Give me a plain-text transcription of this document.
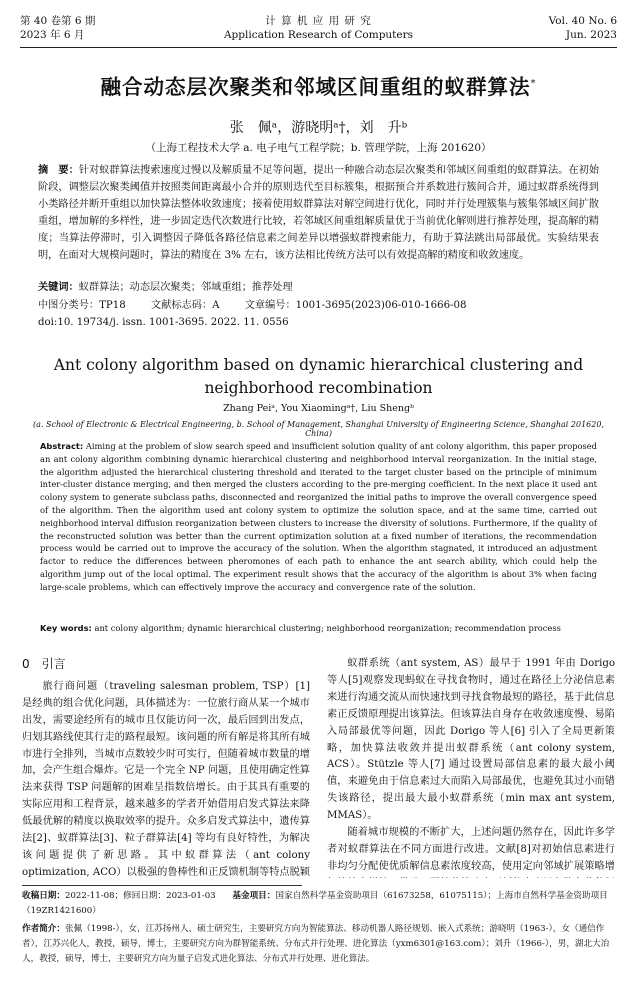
第 40 卷第 6 期
2023 年 6 月
计 算 机 应 用 研 究
Application Research of Computers
Vol. 40 No. 6
Jun. 2023
融合动态层次聚类和邻域区间重组的蚁群算法*
张　佩ᵃ，游晓明ᵃ†，刘　升ᵇ
（上海工程技术大学 a. 电子电气工程学院；b. 管理学院，上海 201620）
摘　要：针对蚁群算法搜索速度过慢以及解质量不足等问题，提出一种融合动态层次聚类和邻域区间重组的蚁群算法。在初始阶段，调整层次聚类阈值并按照类间距离最小合并的原则迭代至目标簇集，根据预合并系数进行簇间合并，通过蚁群系统得到小类路径并断开重组以加快算法整体收敛速度；接着使用蚁群算法对解空间进行优化，同时并行处理簇集与簇集邻域区间扩散重组，增加解的多样性，进一步固定迭代次数进行比较，若邻域区间重组解质量优于当前优化解则进行推荐处理，提高解的精度；当算法停滞时，引入调整因子降低各路径信息素之间差异以增强蚁群搜索能力，有助于算法跳出局部最优。实验结果表明，在面对大规模问题时，算法的精度在 3% 左右，该方法相比传统方法可以有效提高解的精度和收敛速度。
关键词：蚁群算法；动态层次聚类；邻域重组；推荐处理
中图分类号：TP18 文献标志码：A 文章编号：1001-3695(2023)06-010-1666-08
doi:10. 19734/j. issn. 1001-3695. 2022. 11. 0556
Ant colony algorithm based on dynamic hierarchical clustering and neighborhood recombination
Zhang Peiᵃ, You Xiaomingᵃ†, Liu Shengᵇ
(a. School of Electronic & Electrical Engineering, b. School of Management, Shanghai University of Engineering Science, Shanghai 201620, China)
Abstract: Aiming at the problem of slow search speed and insufficient solution quality of ant colony algorithm, this paper proposed an ant colony algorithm combining dynamic hierarchical clustering and neighborhood interval reorganization. In the initial stage, the algorithm adjusted the hierarchical clustering threshold and iterated to the target cluster based on the principle of minimum inter-cluster distance merging, and then merged the clusters according to the pre-merging coefficient. In the next place it used ant colony system to generate subclass paths, disconnected and reorganized the initial paths to improve the overall convergence speed of the algorithm. Then the algorithm used ant colony system to optimize the solution space, and at the same time, carried out neighborhood interval diffusion reorganization between clusters to increase the diversity of solutions. Furthermore, if the quality of the reconstructed solution was better than the current optimization solution at a fixed number of iterations, the recommendation process would be carried out to improve the accuracy of the solution. When the algorithm stagnated, it introduced an adjustment factor to reduce the differences between pheromones of each path to enhance the ant search ability, which could help the algorithm jump out of the local optimal. The experiment result shows that the accuracy of the algorithm is about 3% when facing large-scale problems, which can effectively improve the accuracy and convergence rate of the solution.
Key words: ant colony algorithm; dynamic hierarchical clustering; neighborhood reorganization; recommendation process
0　引言

旅行商问题（traveling salesman problem, TSP）[1] 是经典的组合优化问题，具体描述为：一位旅行商从某一个城市出发，需要途经所有的城市且仅能访问一次，最后回到出发点，归划其路线使其行走的路程最短。该问题的所有解是将其所有城市进行全排列，当城市点数较少时可实行，但随着城市数量的增加，会产生组合爆炸。它是一个完全 NP 问题，且使用确定性算法来获得 TSP 问题解的困难呈指数倍增长。由于其具有重要的实际应用和工程背景，越来越多的学者开始借用启发式算法来降低最优解的精度以换取效率的提升。众多启发式算法中，遗传算法[2]、蚁群算法[3]、粒子群算法[4] 等均有良好特性，为解决该问题提供了新思路。其中蚁群算法（ant colony optimization, ACO）以极强的鲁棒性和正反馈机制等特点脱颖

蚁群系统（ant system, AS）最早于 1991 年由 Dorigo 等人[5]观察发现蚂蚁在寻找食物时，通过在路径上分泌信息素来进行沟通交流从而快速找到寻找食物最短的路径，基于此信息素正反馈原理提出该算法。但该算法自身存在收敛速度慢、易陷入局部最优等问题，因此 Dorigo 等人[6] 引入了全局更新策略，加快算法收敛并提出蚁群系统（ant colony system, ACS）。Stützle 等人[7] 通过设置局部信息素的最大最小阈值，来避免由于信息素过大而陷入局部最优，也避免其过小而错失该路径，提出最大最小蚁群系统（min max ant system, MMAS）。

随着城市规模的不断扩大，上述问题仍然存在，因此许多学者对蚁群算法在不同方面进行改进。文献[8]对初始信息素进行非均匀分配使优质解信息素浓度较高，使用定向邻域扩展策略增

收稿日期：2022-11-08；修回日期：2023-01-03 基金项目：国家自然科学基金资助项目（61673258，61075115）；上海市自然科学基金资助项目（19ZR1421600）
作者简介：张佩（1998-），女，江苏扬州人，硕士研究生，主要研究方向为智能算法、移动机器人路径规划、嵌入式系统；游晓明（1963-），女（通信作者），江苏兴化人，教授，硕导，博士，主要研究方向为群智能系统、分布式并行处理、进化算法（yxm6301@163.com）；刘升（1966-），男，湖北大冶人，教授，硕导，博士，主要研究方向为量子启发式进化算法、分布式并行处理、进化算法。
